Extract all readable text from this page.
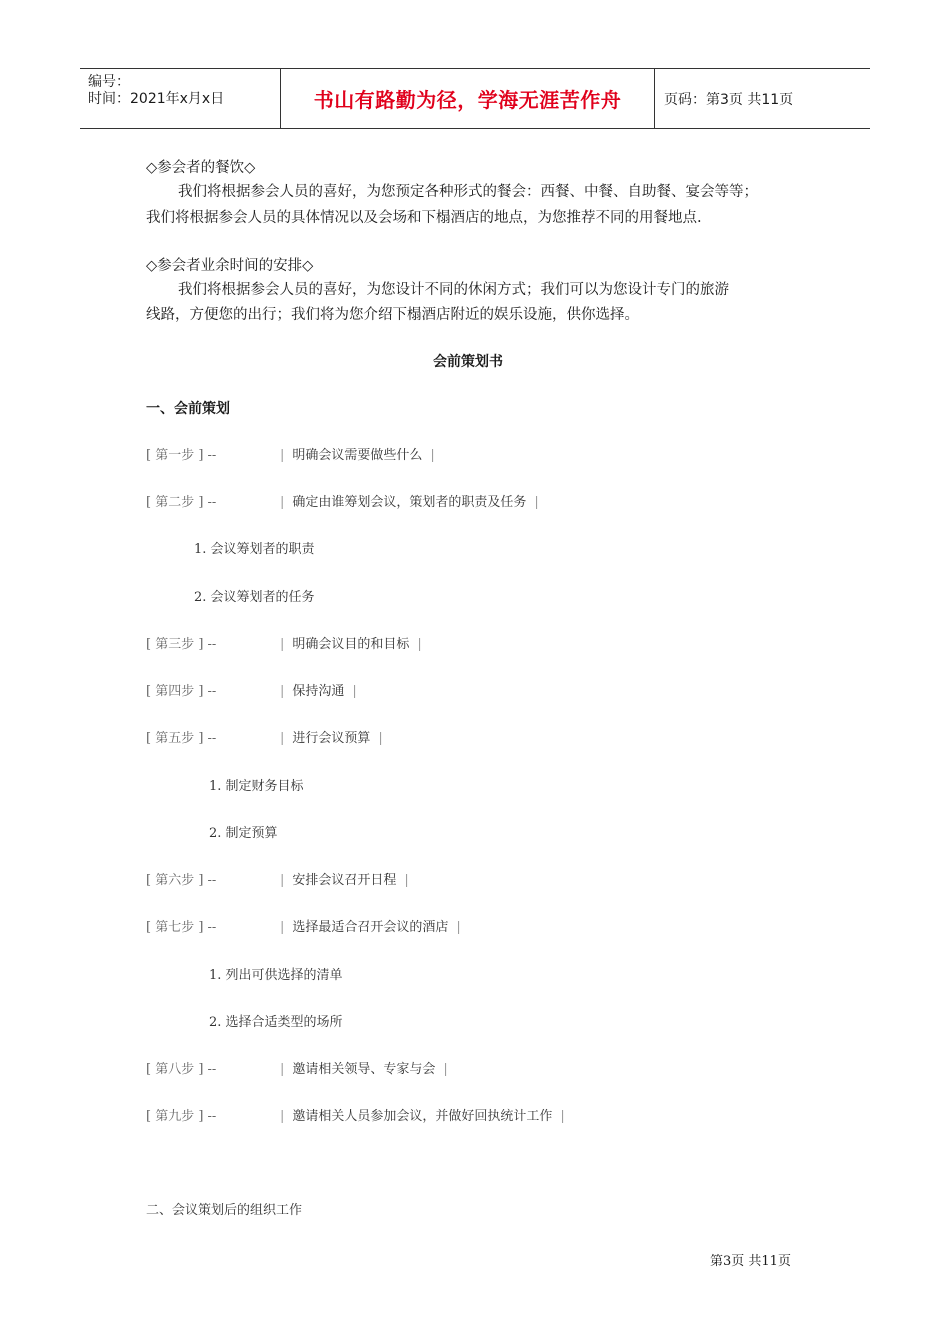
编号：
时间：2021年x月x日	书山有路勤为径，学海无涯苦作舟	页码：第3页 共11页
◇参会者的餐饮◇
我们将根据参会人员的喜好，为您预定各种形式的餐会：西餐、中餐、自助餐、宴会等等；
我们将根据参会人员的具体情况以及会场和下榻酒店的地点，为您推荐不同的用餐地点.
◇参会者业余时间的安排◇
我们将根据参会人员的喜好，为您设计不同的休闲方式；我们可以为您设计专门的旅游
线路，方便您的出行；我们将为您介绍下榻酒店附近的娱乐设施，供你选择。
会前策划书
一、会前策划
[ 第一步 ] --	| 明确会议需要做些什么 |
[ 第二步 ] --	| 确定由谁筹划会议，策划者的职责及任务 |
1. 会议筹划者的职责
2. 会议筹划者的任务
[ 第三步 ] --	| 明确会议目的和目标 |
[ 第四步 ] --	| 保持沟通 |
[ 第五步 ] --	| 进行会议预算 |
1. 制定财务目标
2. 制定预算
[ 第六步 ] --	| 安排会议召开日程 |
[ 第七步 ] --	| 选择最适合召开会议的酒店 |
1. 列出可供选择的清单
2. 选择合适类型的场所
[ 第八步 ] --	| 邀请相关领导、专家与会 |
[ 第九步 ] --	| 邀请相关人员参加会议，并做好回执统计工作 |
二、会议策划后的组织工作
第3页 共11页
